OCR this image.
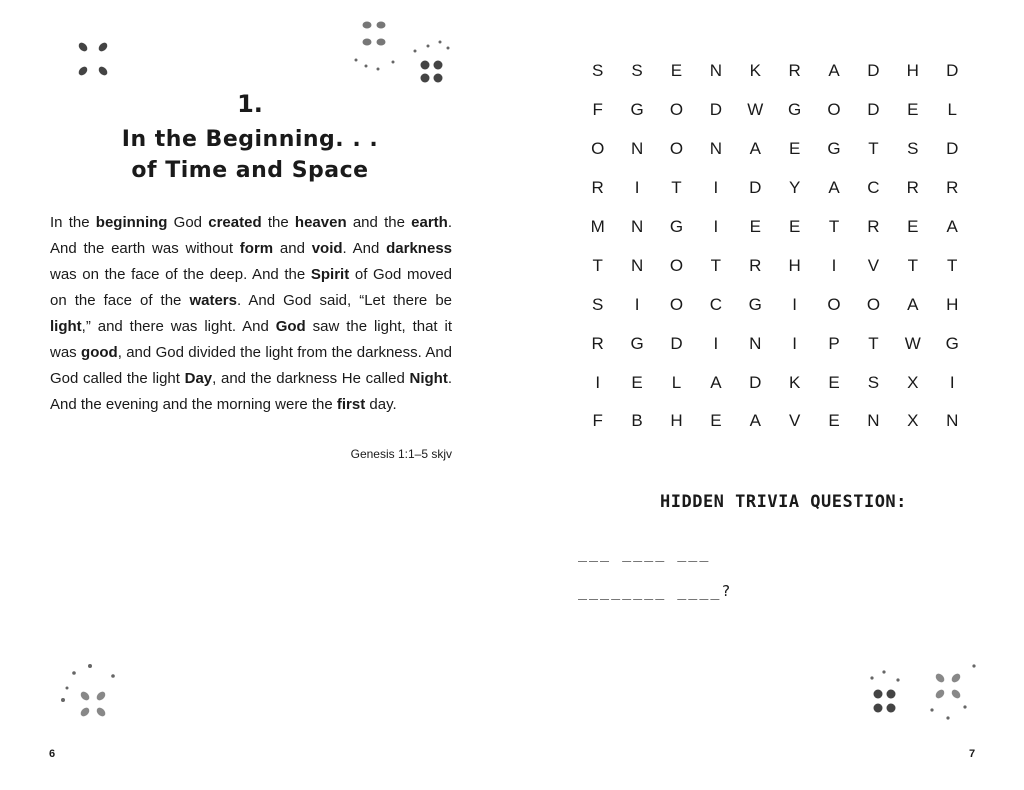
1.
In the Beginning. . .
of Time and Space

In the beginning God created the heaven and the earth. And the earth was without form and void. And darkness was on the face of the deep. And the Spirit of God moved on the face of the waters. And God said, “Let there be light,” and there was light. And God saw the light, that it was good, and God divided the light from the darkness. And God called the light Day, and the darkness He called Night. And the evening and the morning were the first day.

Genesis 1:1–5 skjv
6
S	S	E	N	K	R	A	D	H	D
F	G	O	D	W	G	O	D	E	L
O	N	O	N	A	E	G	T	S	D
R	I	T	I	D	Y	A	C	R	R
M	N	G	I	E	E	T	R	E	A
T	N	O	T	R	H	I	V	T	T
S	I	O	C	G	I	O	O	A	H
R	G	D	I	N	I	P	T	W	G
I	E	L	A	D	K	E	S	X	I
F	B	H	E	A	V	E	N	X	N
HIDDEN TRIVIA QUESTION:
___ ____ ___
________ ____?
7
